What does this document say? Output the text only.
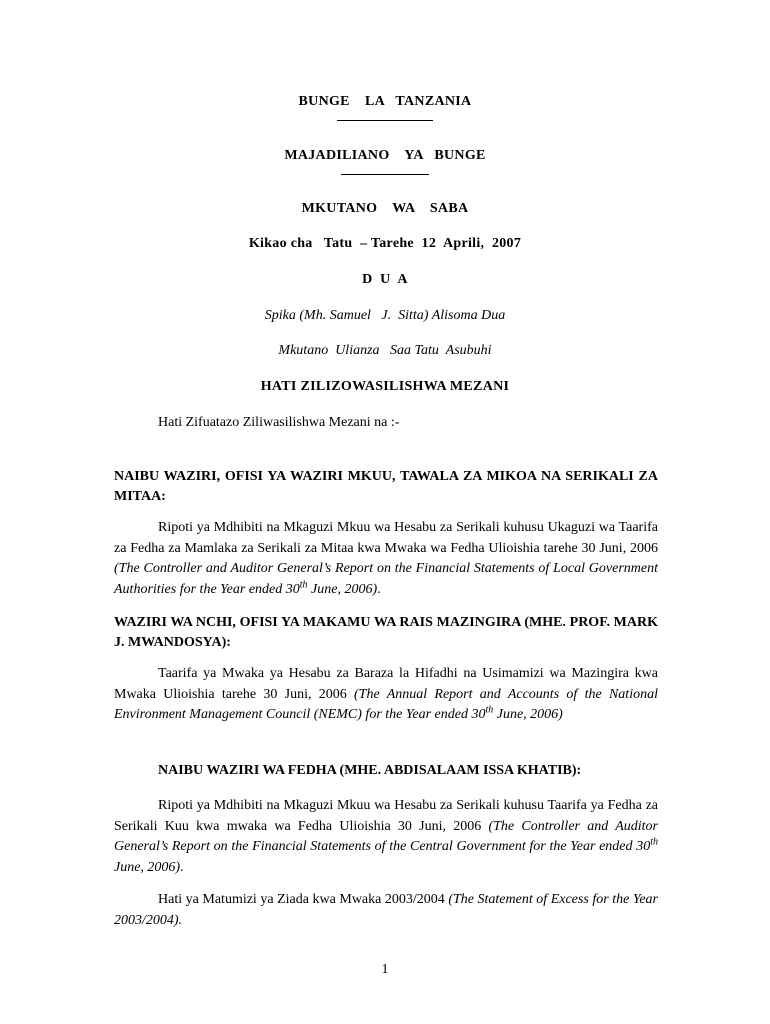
BUNGE    LA   TANZANIA
MAJADILIANO    YA   BUNGE
MKUTANO    WA    SABA
Kikao cha   Tatu  – Tarehe  12  Aprili,  2007
D  U  A
Spika (Mh. Samuel   J.  Sitta) Alisoma Dua
Mkutano  Ulianza   Saa Tatu  Asubuhi
HATI ZILIZOWASILISHWA MEZANI
Hati Zifuatazo Ziliwasilishwa Mezani na :-
NAIBU WAZIRI, OFISI YA WAZIRI MKUU, TAWALA ZA MIKOA NA SERIKALI ZA MITAA:
Ripoti ya Mdhibiti na Mkaguzi Mkuu wa Hesabu za Serikali kuhusu Ukaguzi wa Taarifa za Fedha za Mamlaka za Serikali za Mitaa kwa Mwaka wa Fedha Ulioishia tarehe 30 Juni, 2006 (The Controller and Auditor General’s Report on the Financial Statements of Local Government Authorities for the Year ended 30th June, 2006).
WAZIRI WA NCHI, OFISI YA MAKAMU WA RAIS MAZINGIRA (MHE. PROF. MARK J. MWANDOSYA):
Taarifa ya Mwaka ya Hesabu za Baraza la Hifadhi na Usimamizi wa Mazingira kwa Mwaka Ulioishia tarehe 30 Juni, 2006 (The Annual Report and Accounts of the National Environment Management Council (NEMC) for the Year ended 30th June, 2006)
NAIBU WAZIRI WA FEDHA (MHE. ABDISALAAM ISSA KHATIB):
Ripoti ya Mdhibiti na Mkaguzi Mkuu wa Hesabu za Serikali kuhusu Taarifa ya Fedha za Serikali Kuu kwa mwaka wa Fedha Ulioishia 30 Juni, 2006 (The Controller and Auditor General’s Report on the Financial Statements of the Central Government for the Year ended 30th June, 2006).
Hati ya Matumizi ya Ziada kwa Mwaka 2003/2004 (The Statement of Excess for the Year 2003/2004).
1
